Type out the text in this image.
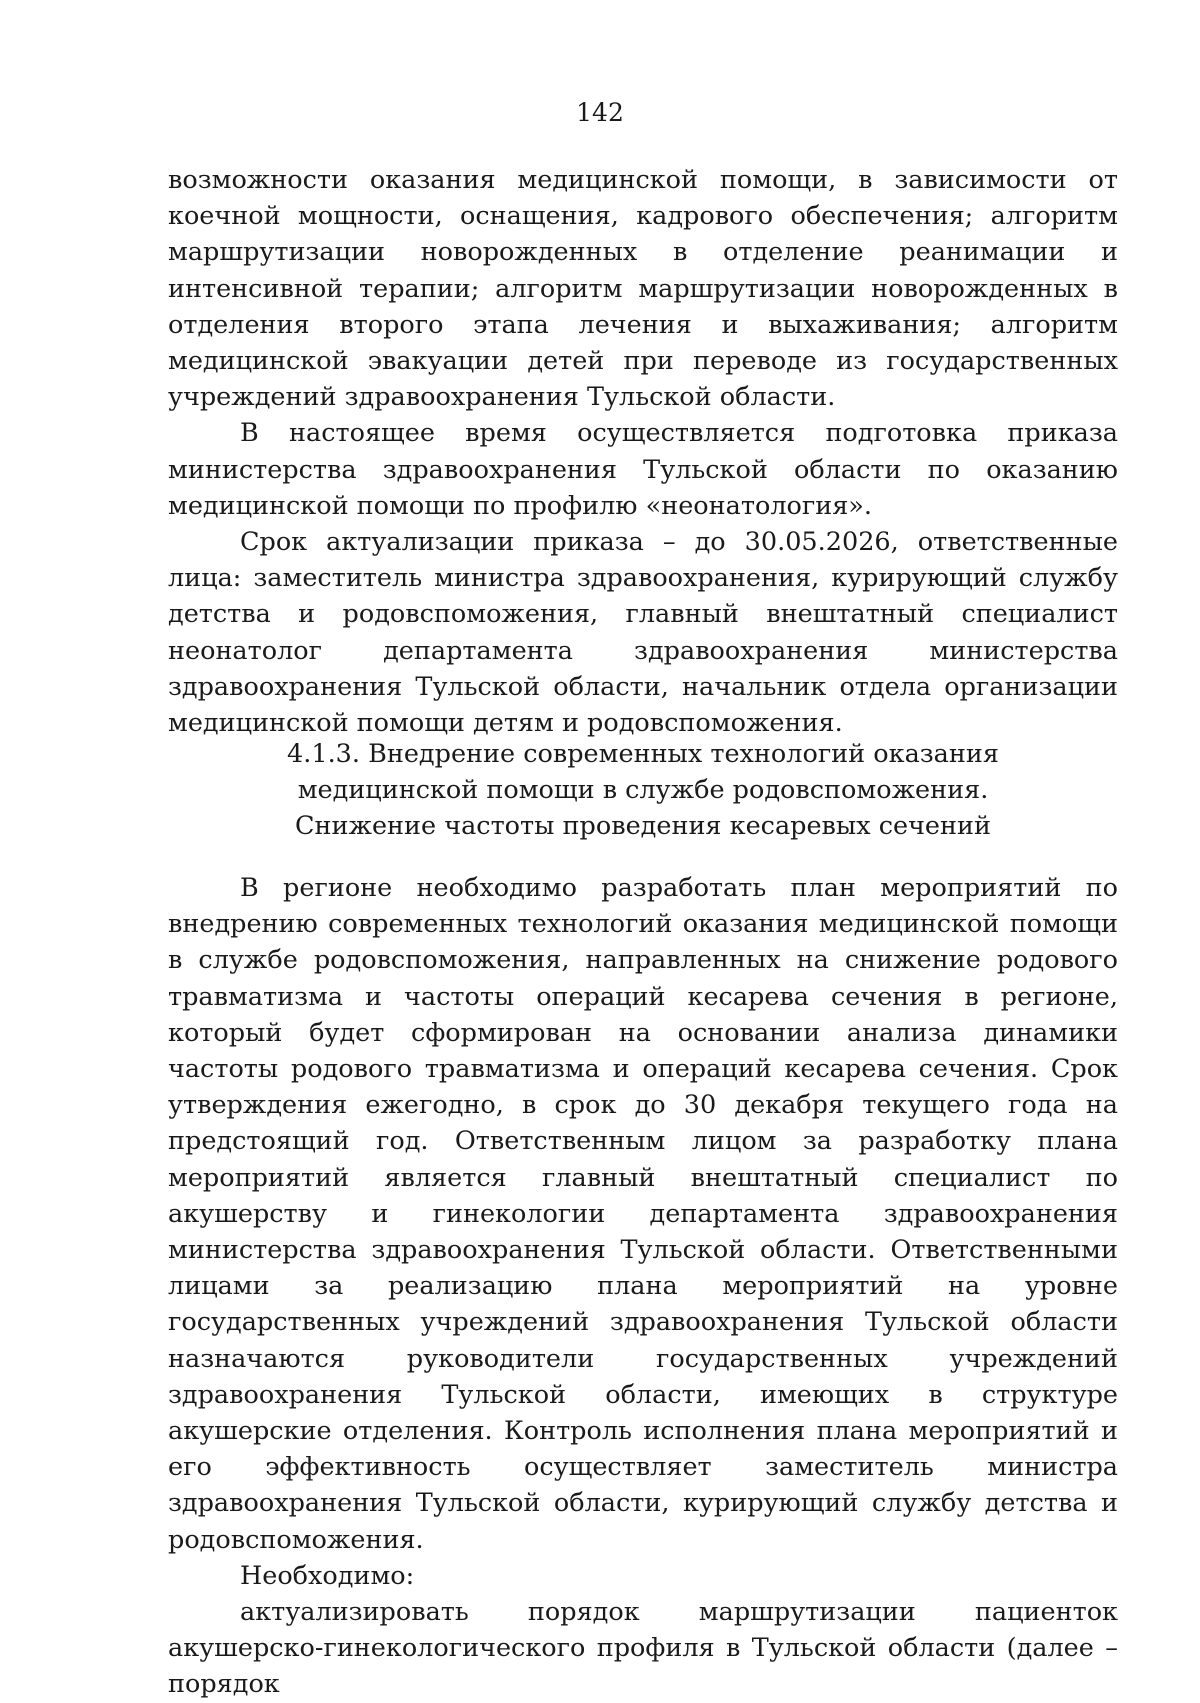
142

возможности оказания медицинской помощи, в зависимости от коечной мощности, оснащения, кадрового обеспечения; алгоритм маршрутизации новорожденных в отделение реанимации и интенсивной терапии; алгоритм маршрутизации новорожденных в отделения второго этапа лечения и выхаживания; алгоритм медицинской эвакуации детей при переводе из государственных учреждений здравоохранения Тульской области.

В настоящее время осуществляется подготовка приказа министерства здравоохранения Тульской области по оказанию медицинской помощи по профилю «неонатология».

Срок актуализации приказа – до 30.05.2026, ответственные лица: заместитель министра здравоохранения, курирующий службу детства и родовспоможения, главный внештатный специалист неонатолог департамента здравоохранения министерства здравоохранения Тульской области, начальник отдела организации медицинской помощи детям и родовспоможения.

4.1.3. Внедрение современных технологий оказания
медицинской помощи в службе родовспоможения.
Снижение частоты проведения кесаревых сечений

В регионе необходимо разработать план мероприятий по внедрению современных технологий оказания медицинской помощи в службе родовспоможения, направленных на снижение родового травматизма и частоты операций кесарева сечения в регионе, который будет сформирован на основании анализа динамики частоты родового травматизма и операций кесарева сечения. Срок утверждения ежегодно, в срок до 30 декабря текущего года на предстоящий год. Ответственным лицом за разработку плана мероприятий является главный внештатный специалист по акушерству и гинекологии департамента здравоохранения министерства здравоохранения Тульской области. Ответственными лицами за реализацию плана мероприятий на уровне государственных учреждений здравоохранения Тульской области назначаются руководители государственных учреждений здравоохранения Тульской области, имеющих в структуре акушерские отделения. Контроль исполнения плана мероприятий и его эффективность осуществляет заместитель министра здравоохранения Тульской области, курирующий службу детства и родовспоможения.

Необходимо:

актуализировать порядок маршрутизации пациенток акушерско-гинекологического профиля в Тульской области (далее – порядок
